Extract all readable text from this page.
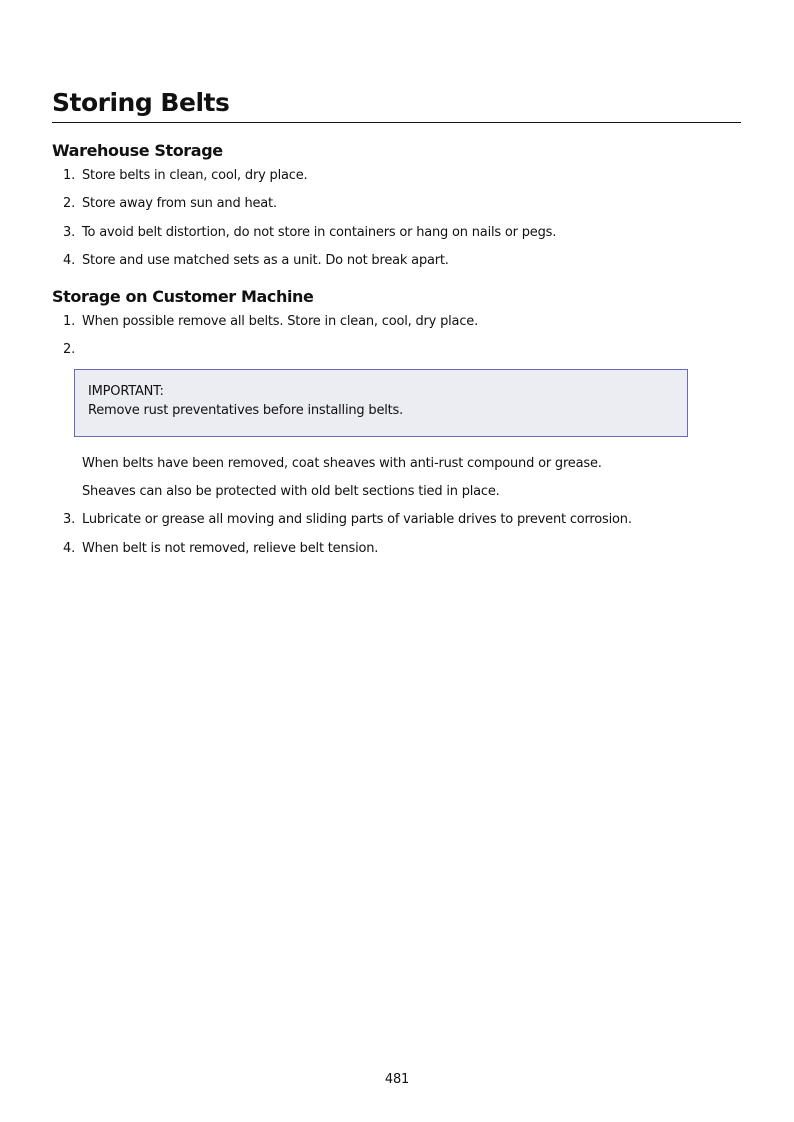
Storing Belts
Warehouse Storage
1. Store belts in clean, cool, dry place.
2. Store away from sun and heat.
3. To avoid belt distortion, do not store in containers or hang on nails or pegs.
4. Store and use matched sets as a unit. Do not break apart.
Storage on Customer Machine
1. When possible remove all belts. Store in clean, cool, dry place.
2.

IMPORTANT:
Remove rust preventatives before installing belts.
When belts have been removed, coat sheaves with anti-rust compound or grease.
Sheaves can also be protected with old belt sections tied in place.
3. Lubricate or grease all moving and sliding parts of variable drives to prevent corrosion.
4. When belt is not removed, relieve belt tension.
481
